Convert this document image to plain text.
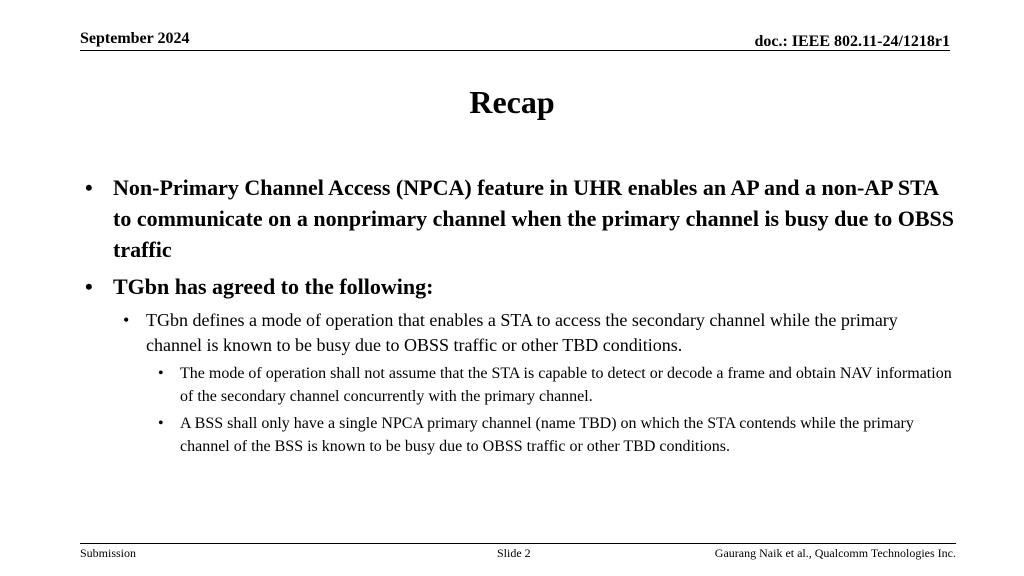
September 2024	doc.: IEEE 802.11-24/1218r1
Recap
• Non-Primary Channel Access (NPCA) feature in UHR enables an AP and a non-AP STA to communicate on a nonprimary channel when the primary channel is busy due to OBSS traffic
• TGbn has agreed to the following:
• TGbn defines a mode of operation that enables a STA to access the secondary channel while the primary channel is known to be busy due to OBSS traffic or other TBD conditions.
• The mode of operation shall not assume that the STA is capable to detect or decode a frame and obtain NAV information of the secondary channel concurrently with the primary channel.
• A BSS shall only have a single NPCA primary channel (name TBD) on which the STA contends while the primary channel of the BSS is known to be busy due to OBSS traffic or other TBD conditions.
Submission	Slide 2	Gaurang Naik et al., Qualcomm Technologies Inc.
